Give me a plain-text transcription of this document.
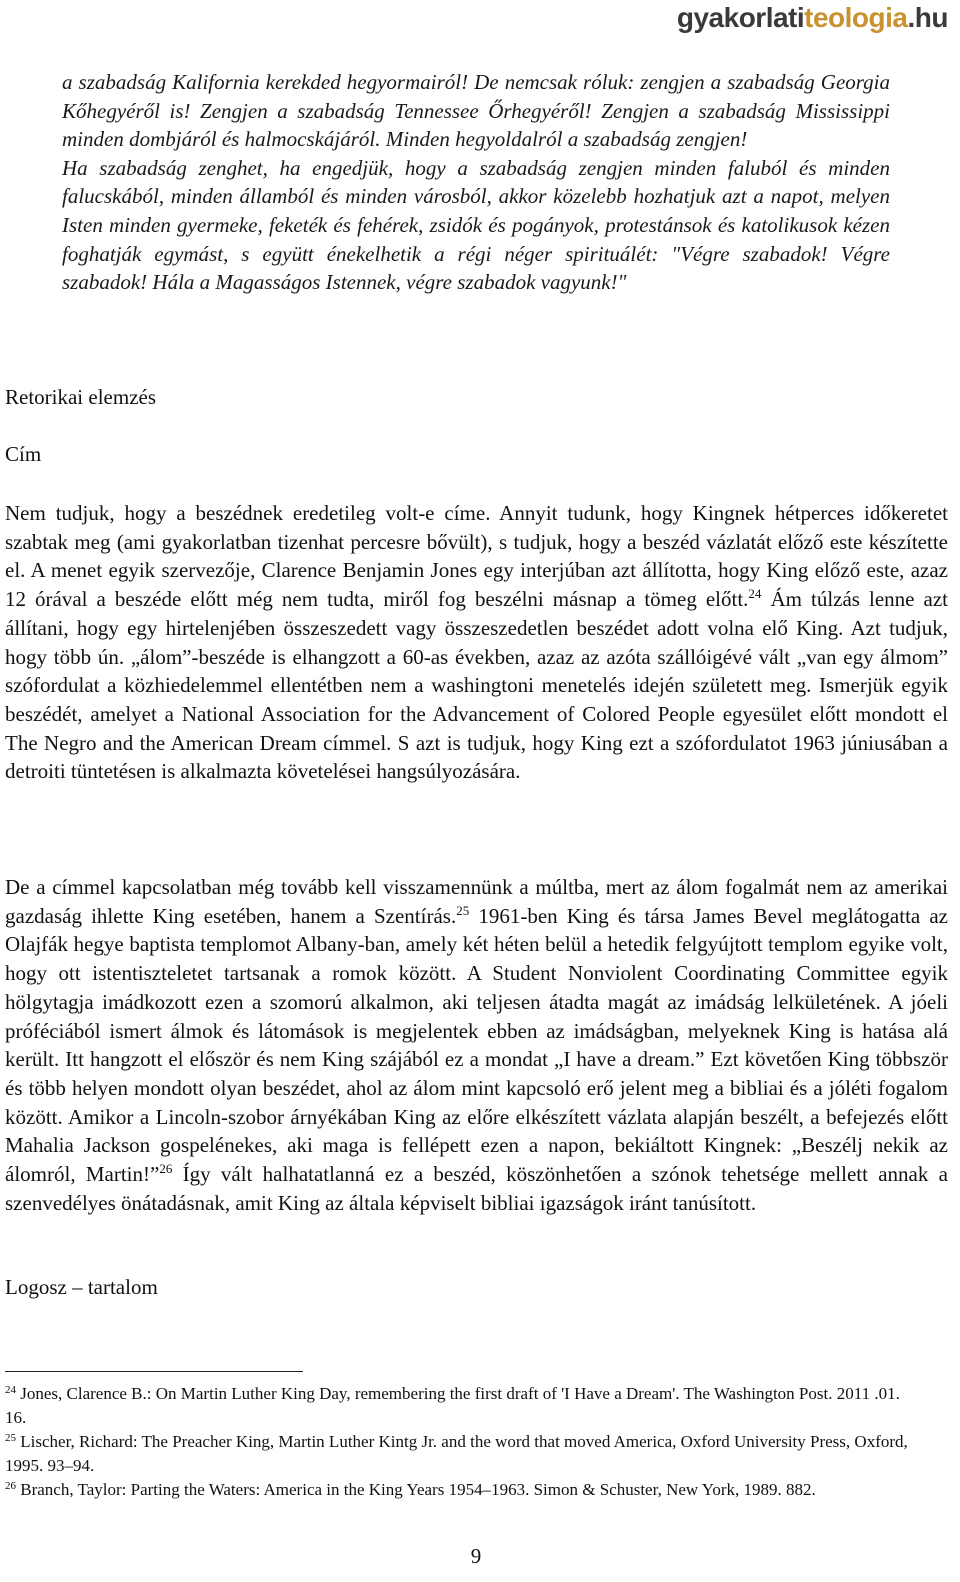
gyakorlatiteologia.hu

a szabadság Kalifornia kerekded hegyormairól! De nemcsak róluk: zengjen a szabadság Georgia Kőhegyéről is! Zengjen a szabadság Tennessee Őrhegyéről! Zengjen a szabadság Mississippi minden dombjáról és halmocskájáról. Minden hegyoldalról a szabadság zengjen!

Ha szabadság zenghet, ha engedjük, hogy a szabadság zengjen minden faluból és minden falucskából, minden államból és minden városból, akkor közelebb hozhatjuk azt a napot, melyen Isten minden gyermeke, feketék és fehérek, zsidók és pogányok, protestánsok és katolikusok kézen foghatják egymást, s együtt énekelhetik a régi néger spirituálét: "Végre szabadok! Végre szabadok! Hála a Magasságos Istennek, végre szabadok vagyunk!"

Retorikai elemzés
Cím

Nem tudjuk, hogy a beszédnek eredetileg volt-e címe. Annyit tudunk, hogy Kingnek hétperces időkeretet szabtak meg (ami gyakorlatban tizenhat percesre bővült), s tudjuk, hogy a beszéd vázlatát előző este készítette el. A menet egyik szervezője, Clarence Benjamin Jones egy interjúban azt állította, hogy King előző este, azaz 12 órával a beszéde előtt még nem tudta, miről fog beszélni másnap a tömeg előtt.$^{24}$ Ám túlzás lenne azt állítani, hogy egy hirtelenjében összeszedett vagy összeszedetlen beszédet adott volna elő King. Azt tudjuk, hogy több ún. „álom”-beszéde is elhangzott a 60-as években, azaz az azóta szállóigévé vált „van egy álmom” szófordulat a közhiedelemmel ellentétben nem a washingtoni menetelés idején született meg. Ismerjük egyik beszédét, amelyet a National Association for the Advancement of Colored People egyesület előtt mondott el The Negro and the American Dream címmel. S azt is tudjuk, hogy King ezt a szófordulatot 1963 júniusában a detroiti tüntetésen is alkalmazta követelései hangsúlyozására.

De a címmel kapcsolatban még tovább kell visszamennünk a múltba, mert az álom fogalmát nem az amerikai gazdaság ihlette King esetében, hanem a Szentírás.$^{25}$ 1961-ben King és társa James Bevel meglátogatta az Olajfák hegye baptista templomot Albany-ban, amely két héten belül a hetedik felgyújtott templom egyike volt, hogy ott istentiszteletet tartsanak a romok között. A Student Nonviolent Coordinating Committee egyik hölgytagja imádkozott ezen a szomorú alkalmon, aki teljesen átadta magát az imádság lelkületének. A jóeli próféciából ismert álmok és látomások is megjelentek ebben az imádságban, melyeknek King is hatása alá került. Itt hangzott el először és nem King szájából ez a mondat „I have a dream.” Ezt követően King többször és több helyen mondott olyan beszédet, ahol az álom mint kapcsoló erő jelent meg a bibliai és a jóléti fogalom között. Amikor a Lincoln-szobor árnyékában King az előre elkészített vázlata alapján beszélt, a befejezés előtt Mahalia Jackson gospelénekes, aki maga is fellépett ezen a napon, bekiáltott Kingnek: „Beszélj nekik az álomról, Martin!”$^{26}$ Így vált halhatatlanná ez a beszéd, köszönhetően a szónok tehetsége mellett annak a szenvedélyes önátadásnak, amit King az általa képviselt bibliai igazságok iránt tanúsított.

Logosz – tartalom
$^{24}$ Jones, Clarence B.: On Martin Luther King Day, remembering the first draft of 'I Have a Dream'. The Washington Post. 2011 .01. 16.
$^{25}$ Lischer, Richard: The Preacher King, Martin Luther Kintg Jr. and the word that moved America, Oxford University Press, Oxford, 1995. 93–94.
$^{26}$ Branch, Taylor: Parting the Waters: America in the King Years 1954–1963. Simon & Schuster, New York, 1989. 882.
9
